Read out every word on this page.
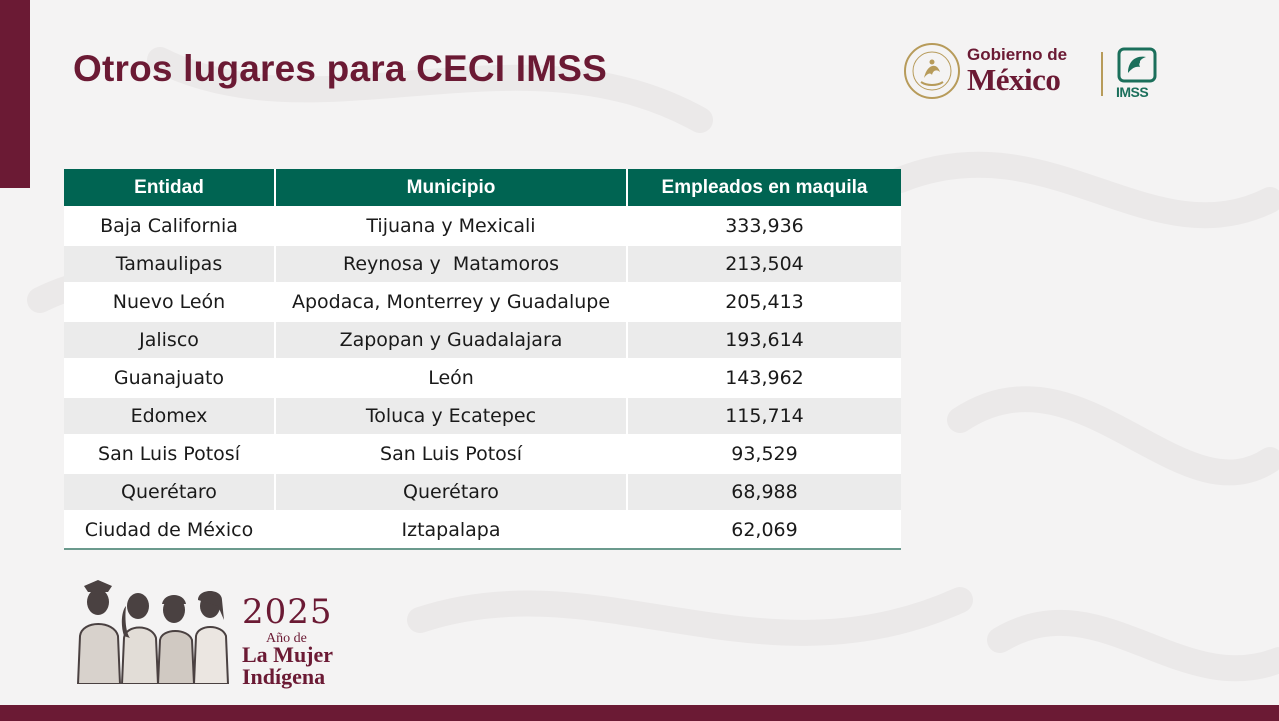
Otros lugares para CECI IMSS	Gobierno de
México	IMSS
Entidad	Municipio	Empleados en maquila
Baja California	Tijuana y Mexicali	333,936
Tamaulipas	Reynosa y  Matamoros	213,504
Nuevo León	Apodaca, Monterrey y Guadalupe	205,413
Jalisco	Zapopan y Guadalajara	193,614
Guanajuato	León	143,962
Edomex	Toluca y Ecatepec	115,714
San Luis Potosí	San Luis Potosí	93,529
Querétaro	Querétaro	68,988
Ciudad de México	Iztapalapa	62,069
2025
Año de
La Mujer
Indígena
